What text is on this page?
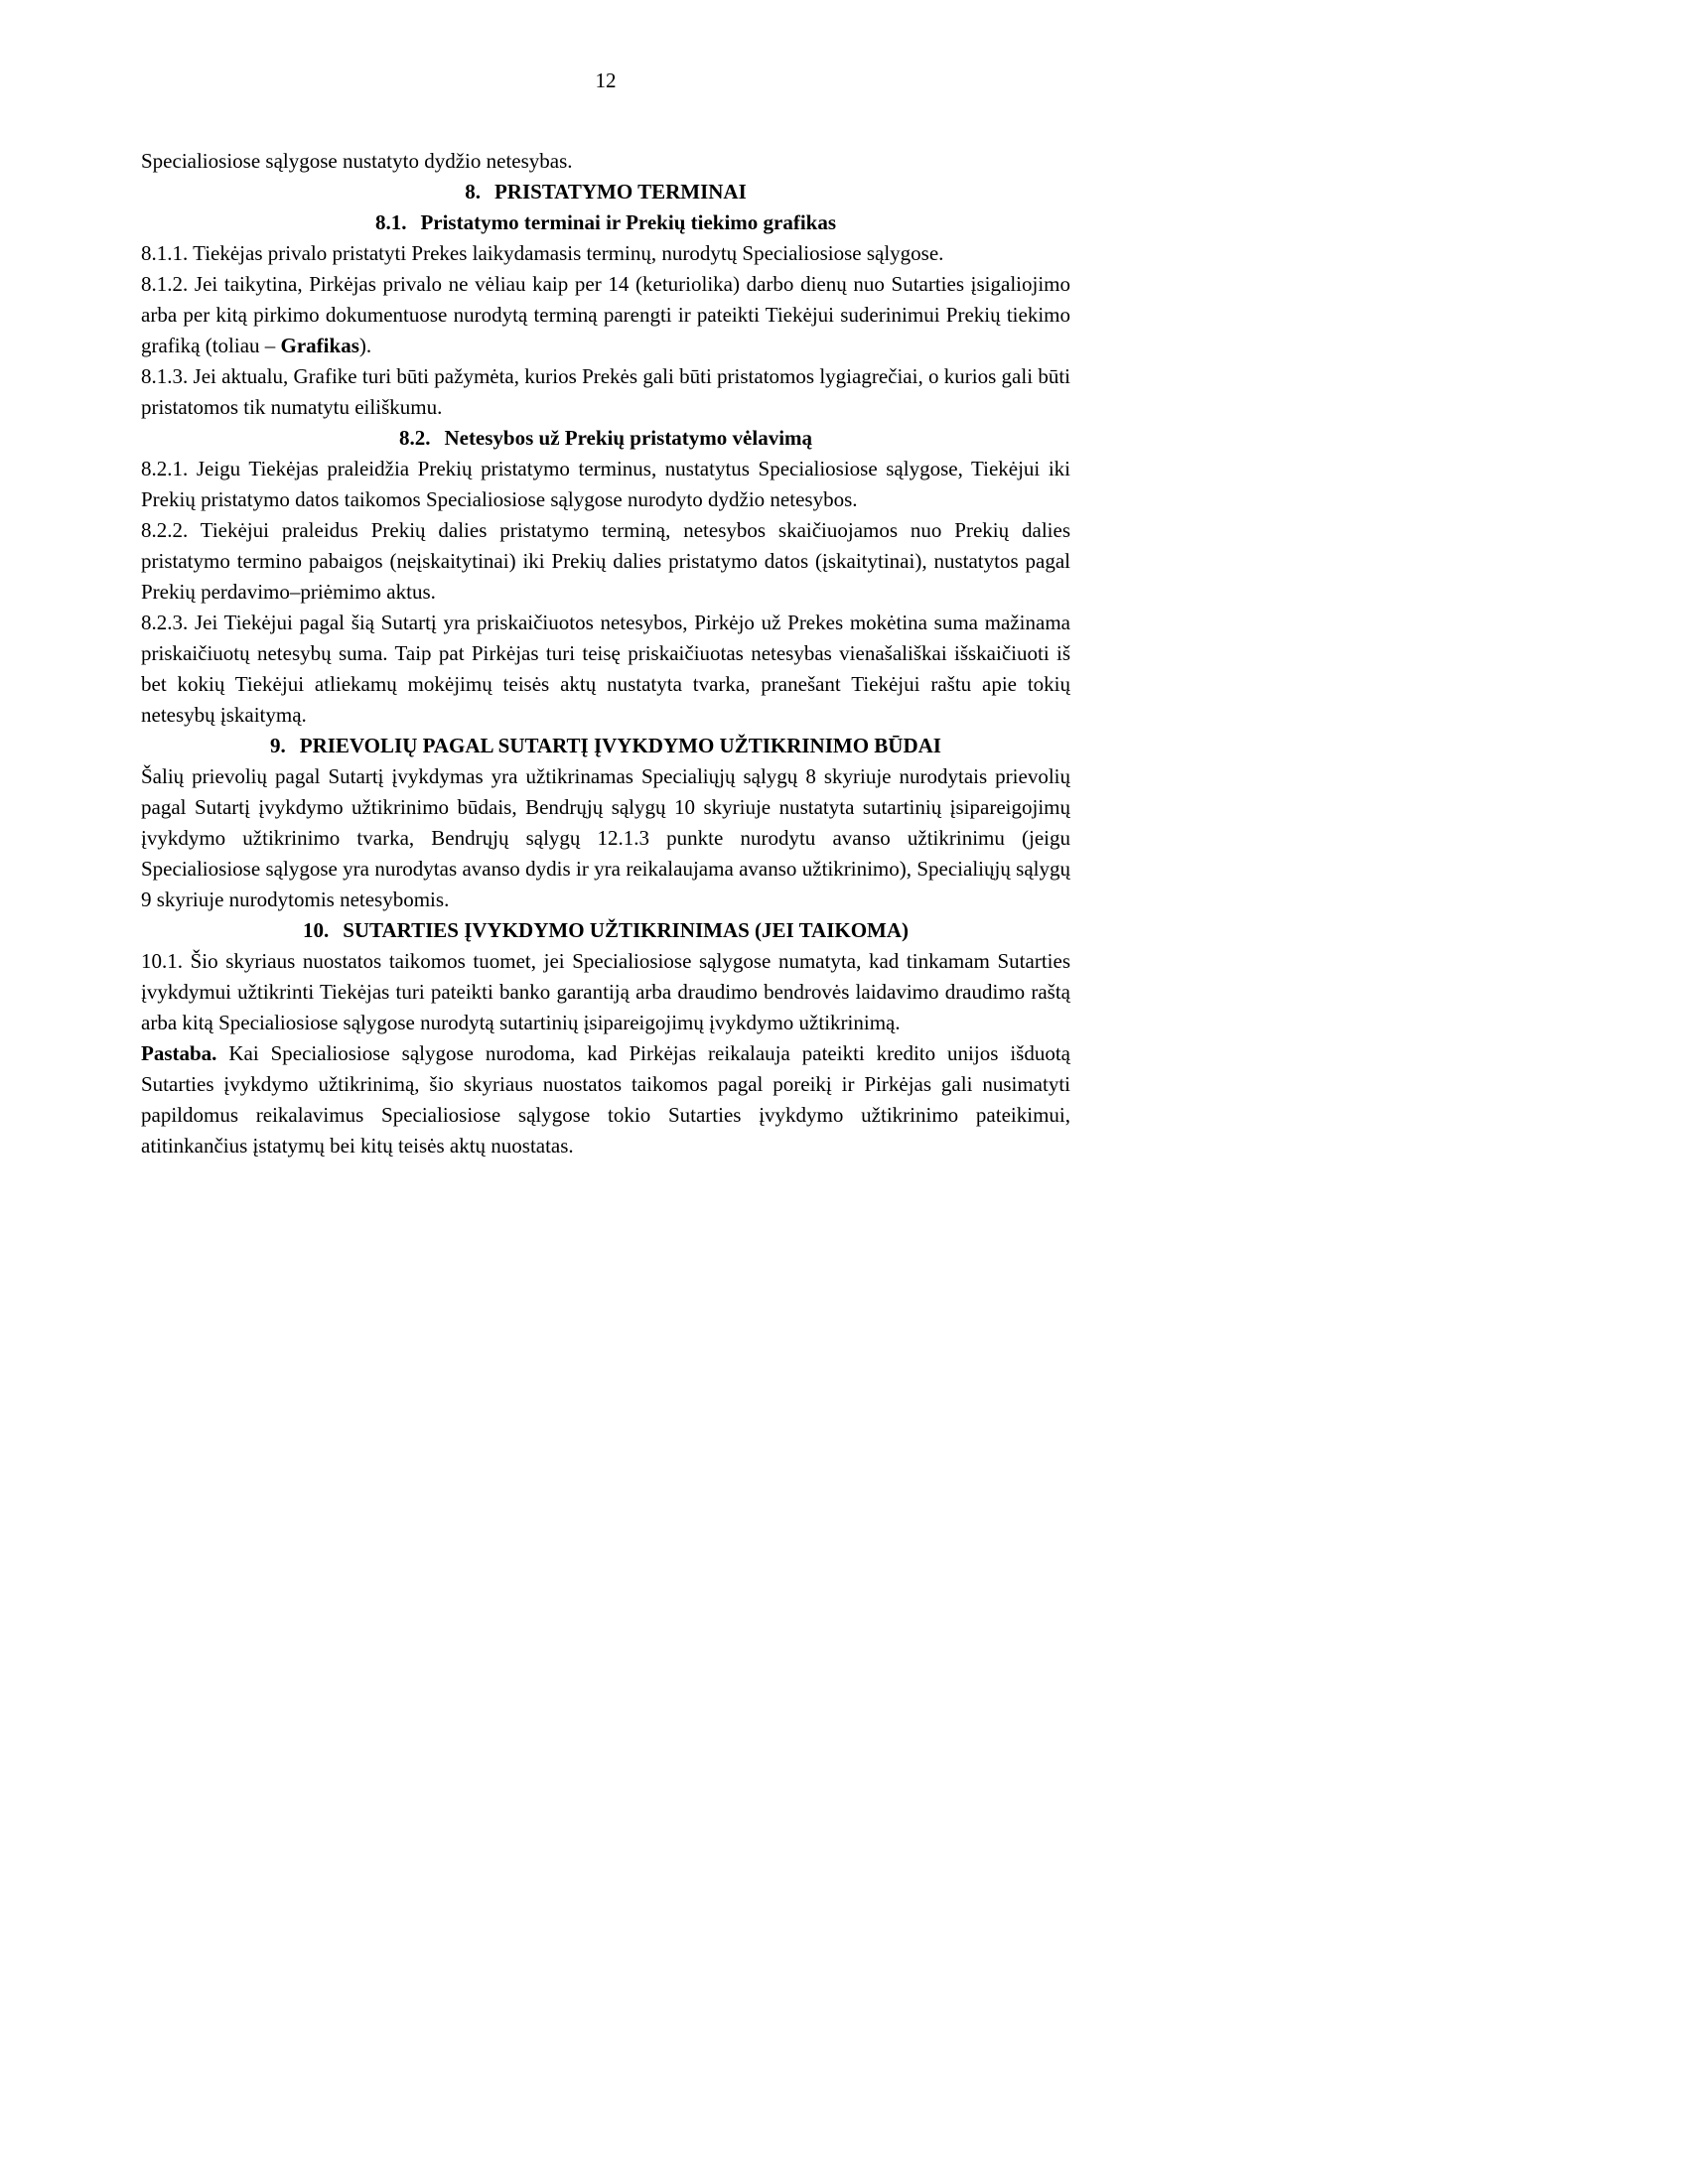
12

Specialiosiose sąlygose nustatyto dydžio netesybas.

8. PRISTATYMO TERMINAI
8.1. Pristatymo terminai ir Prekių tiekimo grafikas

8.1.1. Tiekėjas privalo pristatyti Prekes laikydamasis terminų, nurodytų Specialiosiose sąlygose.

8.1.2. Jei taikytina, Pirkėjas privalo ne vėliau kaip per 14 (keturiolika) darbo dienų nuo Sutarties įsigaliojimo arba per kitą pirkimo dokumentuose nurodytą terminą parengti ir pateikti Tiekėjui suderinimui Prekių tiekimo grafiką (toliau – Grafikas).

8.1.3. Jei aktualu, Grafike turi būti pažymėta, kurios Prekės gali būti pristatomos lygiagrečiai, o kurios gali būti pristatomos tik numatytu eiliškumu.

8.2. Netesybos už Prekių pristatymo vėlavimą

8.2.1. Jeigu Tiekėjas praleidžia Prekių pristatymo terminus, nustatytus Specialiosiose sąlygose, Tiekėjui iki Prekių pristatymo datos taikomos Specialiosiose sąlygose nurodyto dydžio netesybos.

8.2.2. Tiekėjui praleidus Prekių dalies pristatymo terminą, netesybos skaičiuojamos nuo Prekių dalies pristatymo termino pabaigos (neįskaitytinai) iki Prekių dalies pristatymo datos (įskaitytinai), nustatytos pagal Prekių perdavimo–priėmimo aktus.

8.2.3. Jei Tiekėjui pagal šią Sutartį yra priskaičiuotos netesybos, Pirkėjo už Prekes mokėtina suma mažinama priskaičiuotų netesybų suma. Taip pat Pirkėjas turi teisę priskaičiuotas netesybas vienašališkai išskaičiuoti iš bet kokių Tiekėjui atliekamų mokėjimų teisės aktų nustatyta tvarka, pranešant Tiekėjui raštu apie tokių netesybų įskaitymą.

9. PRIEVOLIŲ PAGAL SUTARTĮ ĮVYKDYMO UŽTIKRINIMO BŪDAI

Šalių prievolių pagal Sutartį įvykdymas yra užtikrinamas Specialiųjų sąlygų 8 skyriuje nurodytais prievolių pagal Sutartį įvykdymo užtikrinimo būdais, Bendrųjų sąlygų 10 skyriuje nustatyta sutartinių įsipareigojimų įvykdymo užtikrinimo tvarka, Bendrųjų sąlygų 12.1.3 punkte nurodytu avanso užtikrinimu (jeigu Specialiosiose sąlygose yra nurodytas avanso dydis ir yra reikalaujama avanso užtikrinimo), Specialiųjų sąlygų 9 skyriuje nurodytomis netesybomis.

10. SUTARTIES ĮVYKDYMO UŽTIKRINIMAS (JEI TAIKOMA)

10.1. Šio skyriaus nuostatos taikomos tuomet, jei Specialiosiose sąlygose numatyta, kad tinkamam Sutarties įvykdymui užtikrinti Tiekėjas turi pateikti banko garantiją arba draudimo bendrovės laidavimo draudimo raštą arba kitą Specialiosiose sąlygose nurodytą sutartinių įsipareigojimų įvykdymo užtikrinimą.

Pastaba. Kai Specialiosiose sąlygose nurodoma, kad Pirkėjas reikalauja pateikti kredito unijos išduotą Sutarties įvykdymo užtikrinimą, šio skyriaus nuostatos taikomos pagal poreikį ir Pirkėjas gali nusimatyti papildomus reikalavimus Specialiosiose sąlygose tokio Sutarties įvykdymo užtikrinimo pateikimui, atitinkančius įstatymų bei kitų teisės aktų nuostatas.
